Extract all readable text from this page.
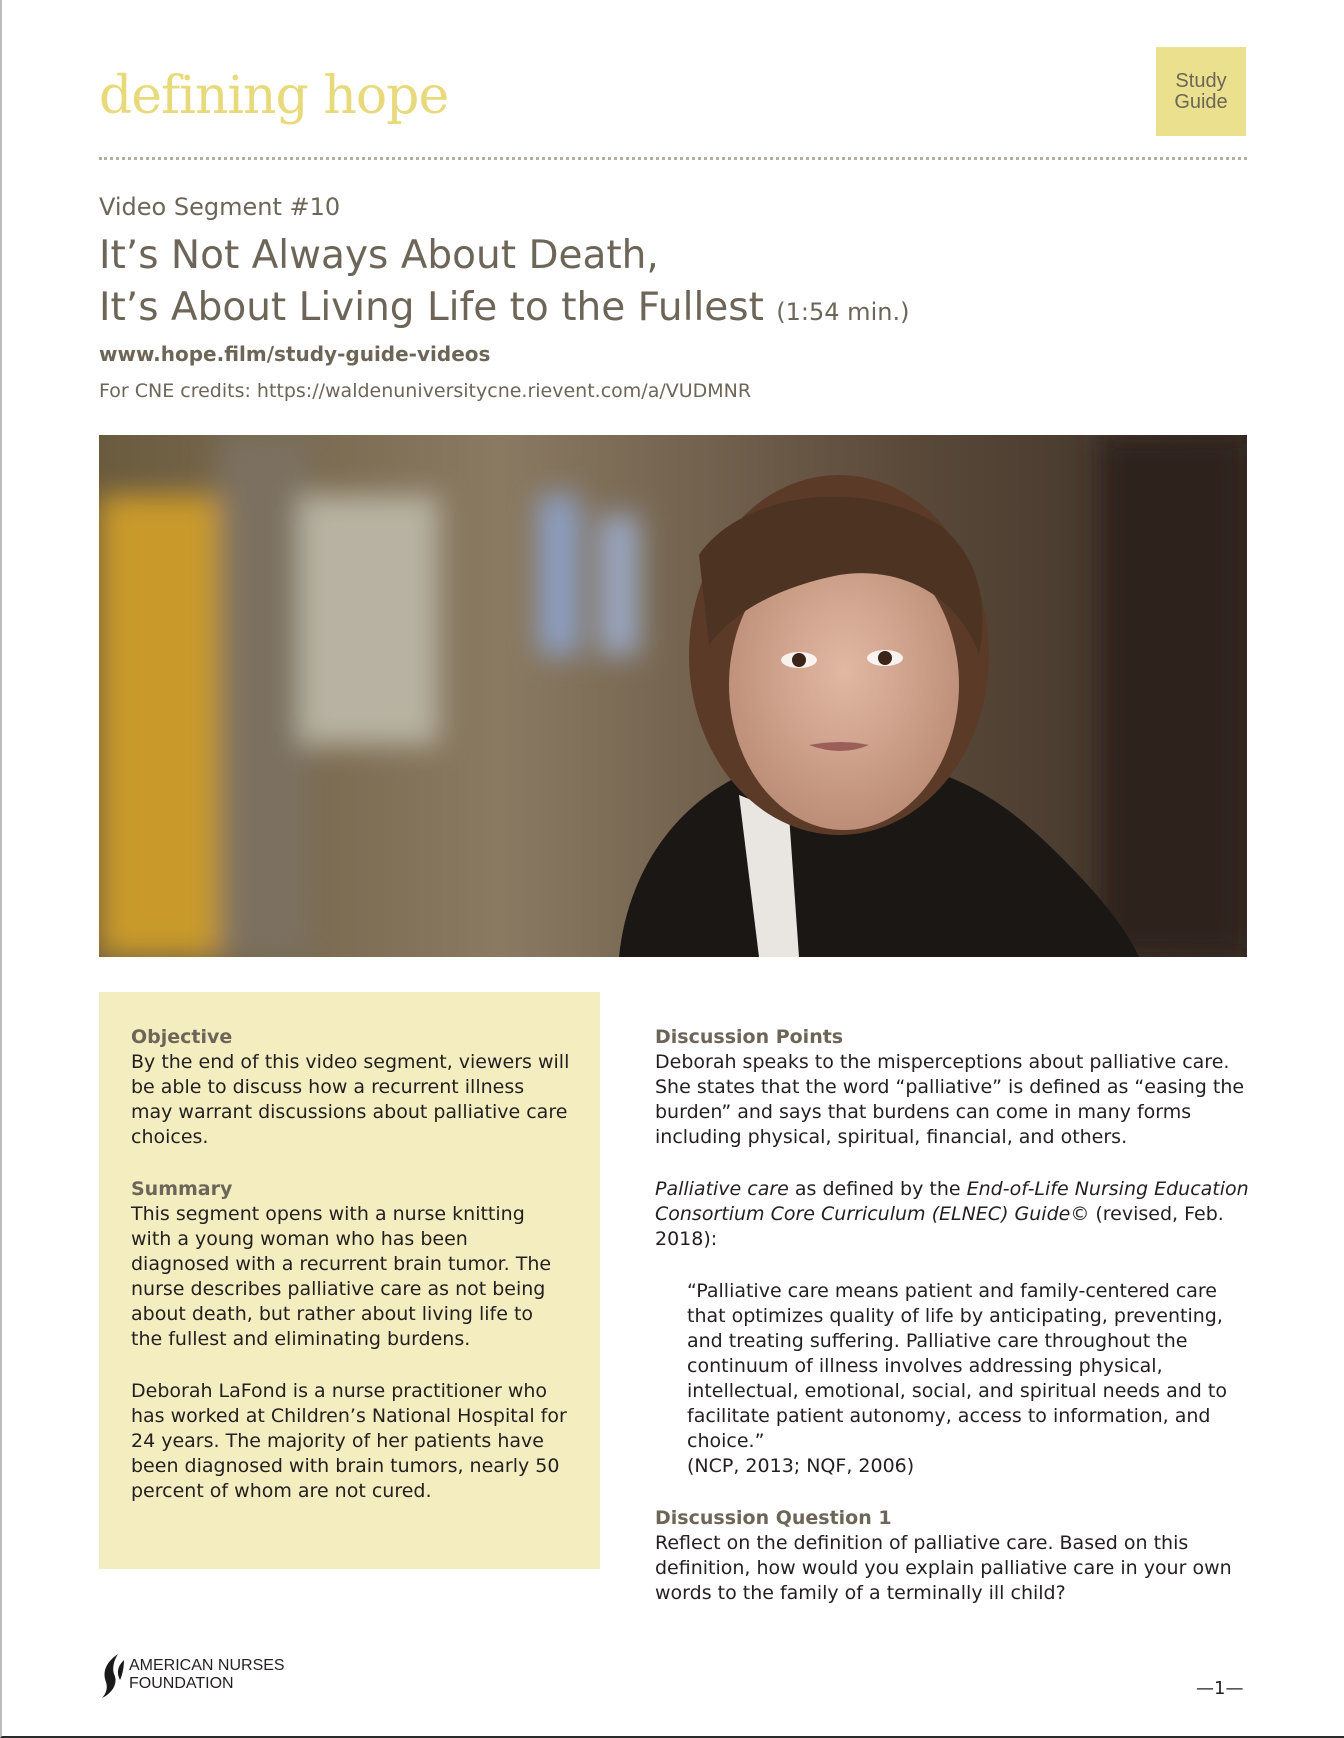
defining hope	Study
Guide
Video Segment #10
It’s Not Always About Death,
It’s About Living Life to the Fullest (1:54 min.)
www.hope.film/study-guide-videos
For CNE credits: https://waldenuniversitycne.rievent.com/a/VUDMNR

Objective

By the end of this video segment, viewers will be able to discuss how a recurrent illness may warrant discussions about palliative care choices.

Summary

This segment opens with a nurse knitting with a young woman who has been diagnosed with a recurrent brain tumor. The nurse describes palliative care as not being about death, but rather about living life to the fullest and eliminating burdens.

Deborah LaFond is a nurse practitioner who has worked at Children’s National Hospital for 24 years. The majority of her patients have been diagnosed with brain tumors, nearly 50 percent of whom are not cured.

Discussion Points

Deborah speaks to the misperceptions about palliative care. She states that the word “palliative” is defined as “easing the burden” and says that burdens can come in many forms including physical, spiritual, financial, and others.

Palliative care as defined by the End-of-Life Nursing Education Consortium Core Curriculum (ELNEC) Guide© (revised, Feb. 2018):

“Palliative care means patient and family-centered care that optimizes quality of life by anticipating, preventing, and treating suffering. Palliative care throughout the continuum of illness involves addressing physical, intellectual, emotional, social, and spiritual needs and to facilitate patient autonomy, access to information, and choice.”

(NCP, 2013; NQF, 2006)

Discussion Question 1

Reflect on the definition of palliative care. Based on this definition, how would you explain palliative care in your own words to the family of a terminally ill child?

AMERICAN NURSES
FOUNDATION	—1—
